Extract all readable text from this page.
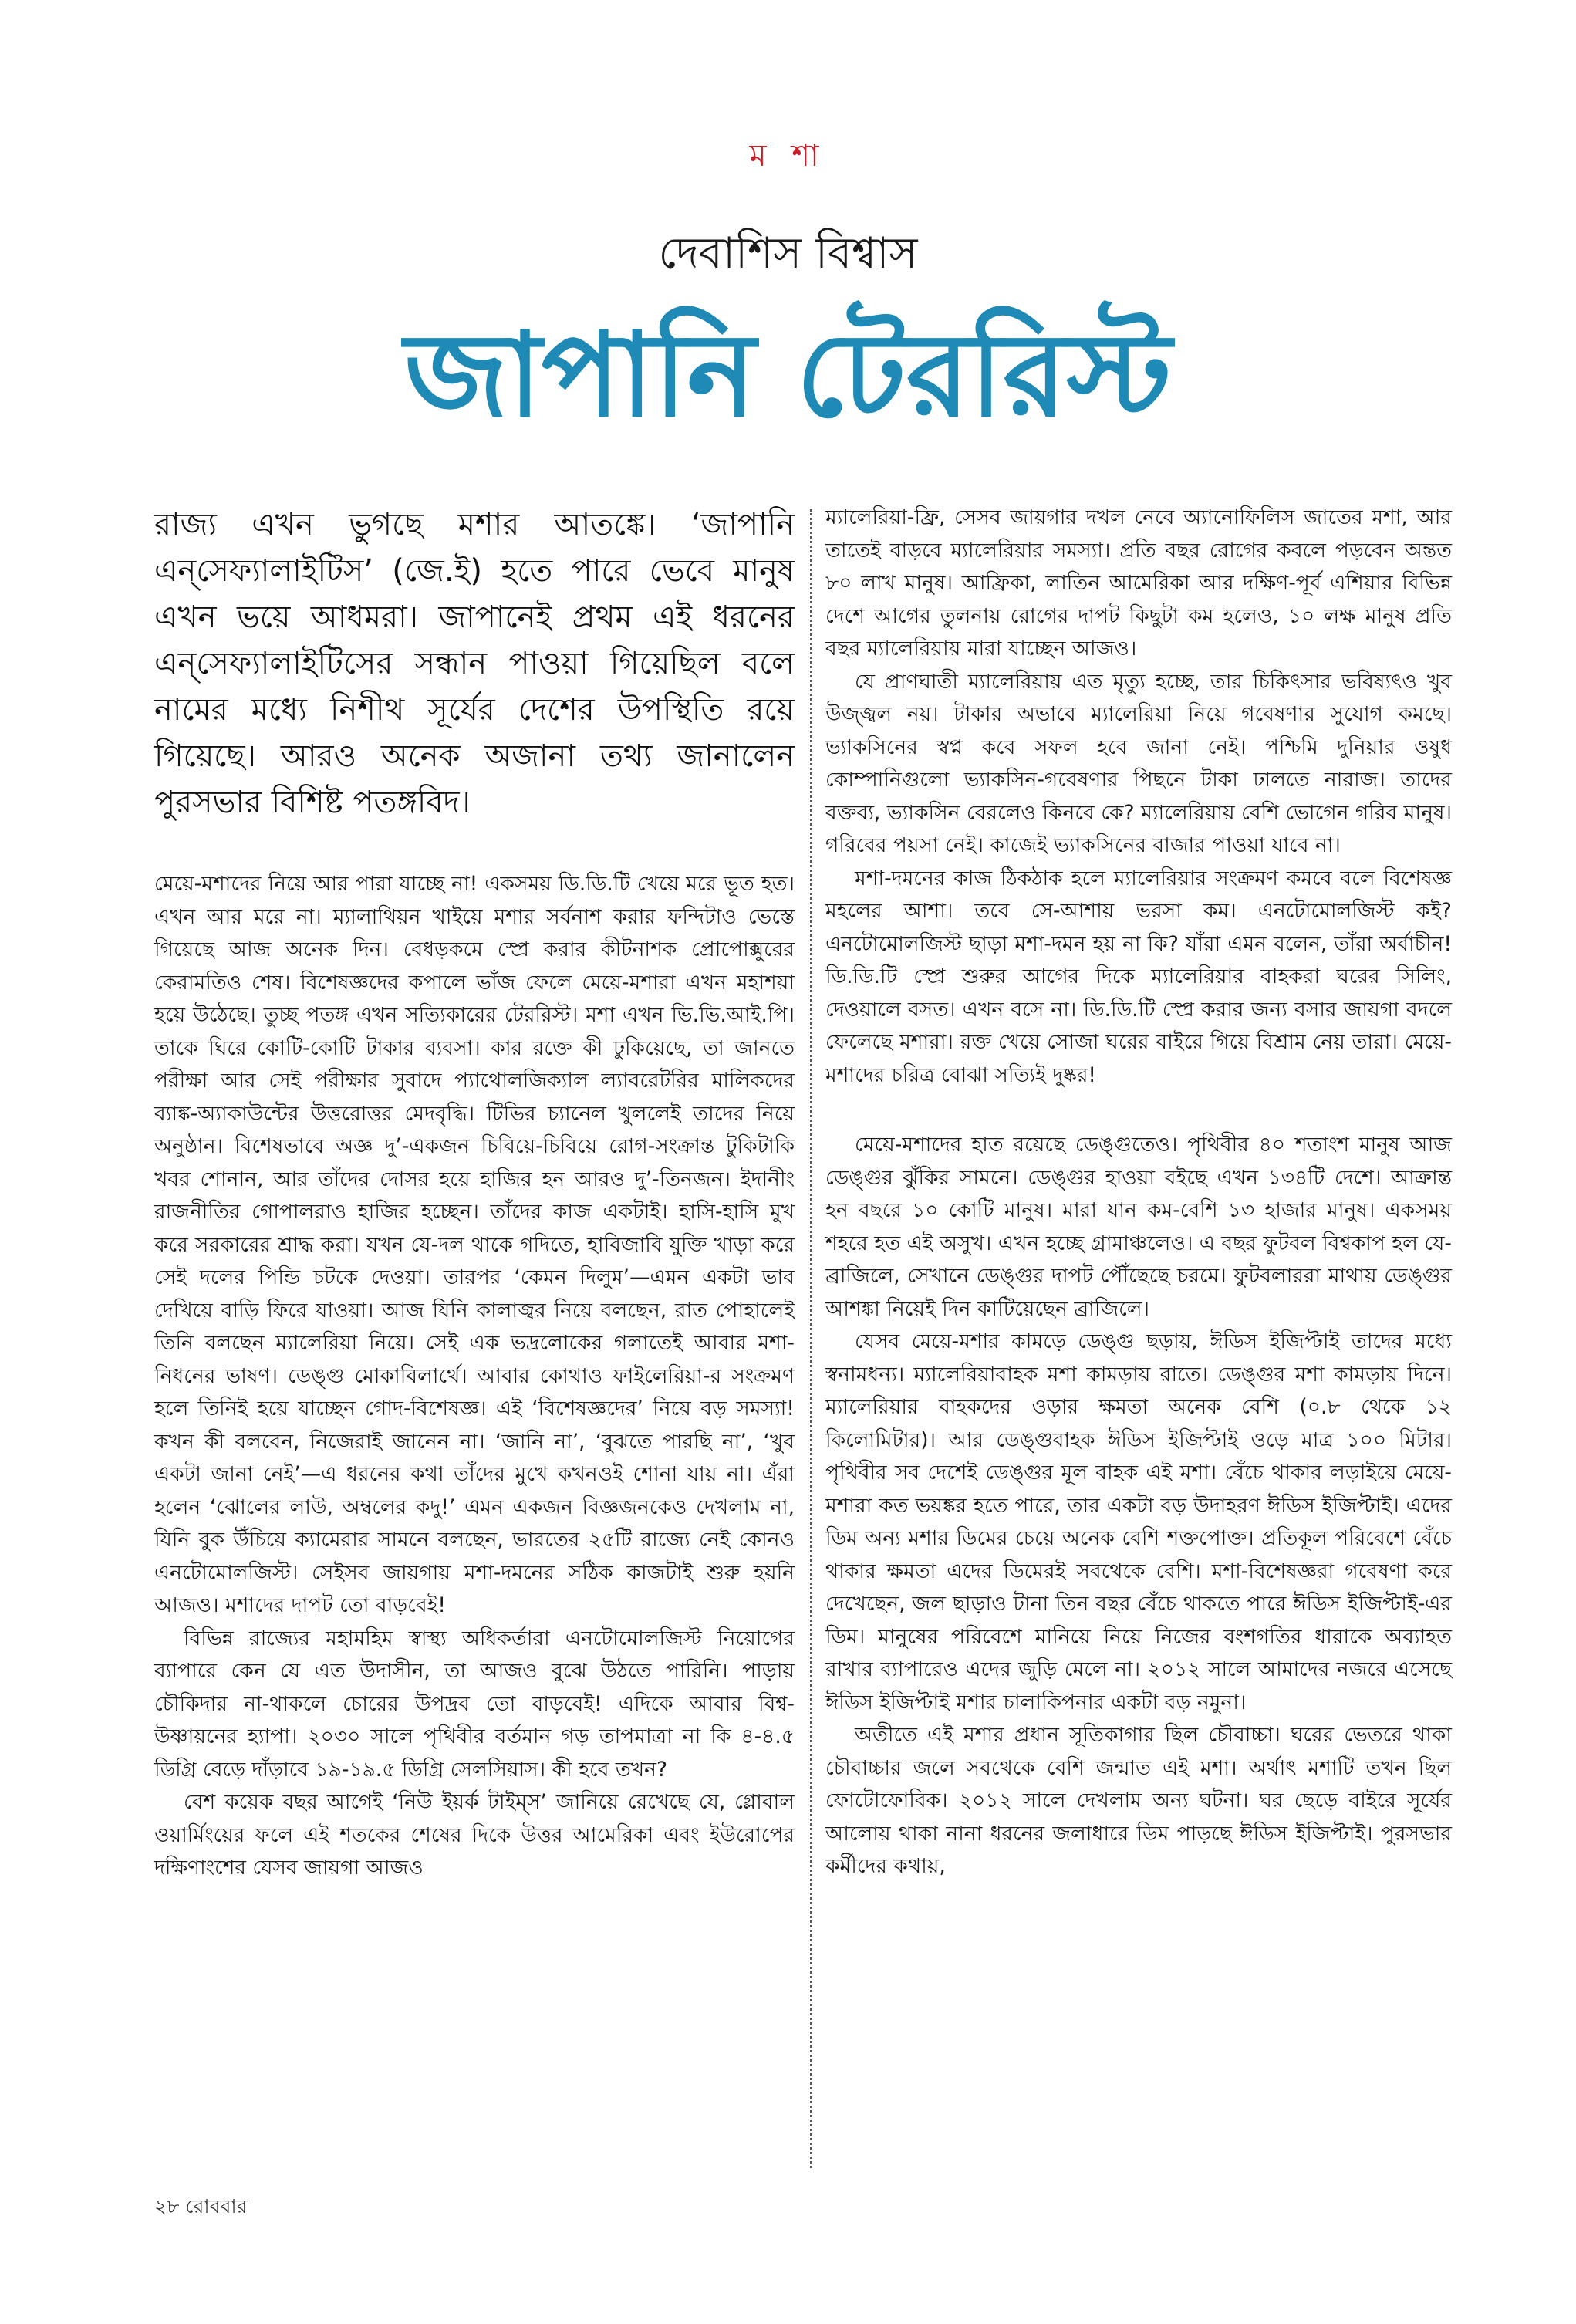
ম শা
দেবাশিস বিশ্বাস
জাপানি টেররিস্ট

রাজ্য এখন ভুগছে মশার আতঙ্কে। ‘জাপানি এন্‌সেফ্যালাইটিস’ (জে.ই) হতে পারে ভেবে মানুষ এখন ভয়ে আধমরা। জাপানেই প্রথম এই ধরনের এন্‌সেফ্যালাইটিসের সন্ধান পাওয়া গিয়েছিল বলে নামের মধ্যে নিশীথ সূর্যের দেশের উপস্থিতি রয়ে গিয়েছে। আরও অনেক অজানা তথ্য জানালেন পুরসভার বিশিষ্ট পতঙ্গবিদ।

মেয়ে-মশাদের নিয়ে আর পারা যাচ্ছে না! একসময় ডি.ডি.টি খেয়ে মরে ভূত হত। এখন আর মরে না। ম্যালাথিয়ন খাইয়ে মশার সর্বনাশ করার ফন্দিটাও ভেস্তে গিয়েছে আজ অনেক দিন। বেধড়কমে স্প্রে করার কীটনাশক প্রোপোক্সুরের কেরামতিও শেষ। বিশেষজ্ঞদের কপালে ভাঁজ ফেলে মেয়ে-মশারা এখন মহাশয়া হয়ে উঠেছে। তুচ্ছ পতঙ্গ এখন সত্যিকারের টেররিস্ট। মশা এখন ভি.ভি.আই.পি। তাকে ঘিরে কোটি-কোটি টাকার ব্যবসা। কার রক্তে কী ঢুকিয়েছে, তা জানতে পরীক্ষা আর সেই পরীক্ষার সুবাদে প্যাথোলজিক্যাল ল্যাবরেটরির মালিকদের ব্যাঙ্ক-অ্যাকাউন্টের উত্তরোত্তর মেদবৃদ্ধি। টিভির চ্যানেল খুললেই তাদের নিয়ে অনুষ্ঠান। বিশেষভাবে অজ্ঞ দু’-একজন চিবিয়ে-চিবিয়ে রোগ-সংক্রান্ত টুকিটাকি খবর শোনান, আর তাঁদের দোসর হয়ে হাজির হন আরও দু’-তিনজন। ইদানীং রাজনীতির গোপালরাও হাজির হচ্ছেন। তাঁদের কাজ একটাই। হাসি-হাসি মুখ করে সরকারের শ্রাদ্ধ করা। যখন যে-দল থাকে গদিতে, হাবিজাবি যুক্তি খাড়া করে সেই দলের পিন্ডি চটকে দেওয়া। তারপর ‘কেমন দিলুম’—এমন একটা ভাব দেখিয়ে বাড়ি ফিরে যাওয়া। আজ যিনি কালাজ্বর নিয়ে বলছেন, রাত পোহালেই তিনি বলছেন ম্যালেরিয়া নিয়ে। সেই এক ভদ্রলোকের গলাতেই আবার মশা-নিধনের ভাষণ। ডেঙ্গু মোকাবিলার্থে। আবার কোথাও ফাইলেরিয়া-র সংক্রমণ হলে তিনিই হয়ে যাচ্ছেন গোদ-বিশেষজ্ঞ। এই ‘বিশেষজ্ঞদের’ নিয়ে বড় সমস্যা! কখন কী বলবেন, নিজেরাই জানেন না। ‘জানি না’, ‘বুঝতে পারছি না’, ‘খুব একটা জানা নেই’—এ ধরনের কথা তাঁদের মুখে কখনওই শোনা যায় না। এঁরা হলেন ‘ঝোলের লাউ, অম্বলের কদু!’ এমন একজন বিজ্ঞজনকেও দেখলাম না, যিনি বুক উঁচিয়ে ক্যামেরার সামনে বলছেন, ভারতের ২৫টি রাজ্যে নেই কোনও এনটোমোলজিস্ট। সেইসব জায়গায় মশা-দমনের সঠিক কাজটাই শুরু হয়নি আজও। মশাদের দাপট তো বাড়বেই!

বিভিন্ন রাজ্যের মহামহিম স্বাস্থ্য অধিকর্তারা এনটোমোলজিস্ট নিয়োগের ব্যাপারে কেন যে এত উদাসীন, তা আজও বুঝে উঠতে পারিনি। পাড়ায় চৌকিদার না-থাকলে চোরের উপদ্রব তো বাড়বেই! এদিকে আবার বিশ্ব-উষ্ণায়নের হ্যাপা। ২০৩০ সালে পৃথিবীর বর্তমান গড় তাপমাত্রা না কি ৪-৪.৫ ডিগ্রি বেড়ে দাঁড়াবে ১৯-১৯.৫ ডিগ্রি সেলসিয়াস। কী হবে তখন?

বেশ কয়েক বছর আগেই ‘নিউ ইয়র্ক টাইম্‌স’ জানিয়ে রেখেছে যে, গ্লোবাল ওয়ার্মিংয়ের ফলে এই শতকের শেষের দিকে উত্তর আমেরিকা এবং ইউরোপের দক্ষিণাংশের যেসব জায়গা আজও

ম্যালেরিয়া-ফ্রি, সেসব জায়গার দখল নেবে অ্যানোফিলিস জাতের মশা, আর তাতেই বাড়বে ম্যালেরিয়ার সমস্যা। প্রতি বছর রোগের কবলে পড়বেন অন্তত ৮০ লাখ মানুষ। আফ্রিকা, লাতিন আমেরিকা আর দক্ষিণ-পূর্ব এশিয়ার বিভিন্ন দেশে আগের তুলনায় রোগের দাপট কিছুটা কম হলেও, ১০ লক্ষ মানুষ প্রতি বছর ম্যালেরিয়ায় মারা যাচ্ছেন আজও।

যে প্রাণঘাতী ম্যালেরিয়ায় এত মৃত্যু হচ্ছে, তার চিকিৎসার ভবিষ্যৎও খুব উজ্জ্বল নয়। টাকার অভাবে ম্যালেরিয়া নিয়ে গবেষণার সুযোগ কমছে। ভ্যাকসিনের স্বপ্ন কবে সফল হবে জানা নেই। পশ্চিমি দুনিয়ার ওষুধ কোম্পানিগুলো ভ্যাকসিন-গবেষণার পিছনে টাকা ঢালতে নারাজ। তাদের বক্তব্য, ভ্যাকসিন বেরলেও কিনবে কে? ম্যালেরিয়ায় বেশি ভোগেন গরিব মানুষ। গরিবের পয়সা নেই। কাজেই ভ্যাকসিনের বাজার পাওয়া যাবে না।

মশা-দমনের কাজ ঠিকঠাক হলে ম্যালেরিয়ার সংক্রমণ কমবে বলে বিশেষজ্ঞ মহলের আশা। তবে সে-আশায় ভরসা কম। এনটোমোলজিস্ট কই? এনটোমোলজিস্ট ছাড়া মশা-দমন হয় না কি? যাঁরা এমন বলেন, তাঁরা অর্বাচীন! ডি.ডি.টি স্প্রে শুরুর আগের দিকে ম্যালেরিয়ার বাহকরা ঘরের সিলিং, দেওয়ালে বসত। এখন বসে না। ডি.ডি.টি স্প্রে করার জন্য বসার জায়গা বদলে ফেলেছে মশারা। রক্ত খেয়ে সোজা ঘরের বাইরে গিয়ে বিশ্রাম নেয় তারা। মেয়ে-মশাদের চরিত্র বোঝা সত্যিই দুষ্কর!

মেয়ে-মশাদের হাত রয়েছে ডেঙ্গুতেও। পৃথিবীর ৪০ শতাংশ মানুষ আজ ডেঙ্গুর ঝুঁকির সামনে। ডেঙ্গুর হাওয়া বইছে এখন ১৩৪টি দেশে। আক্রান্ত হন বছরে ১০ কোটি মানুষ। মারা যান কম-বেশি ১৩ হাজার মানুষ। একসময় শহরে হত এই অসুখ। এখন হচ্ছে গ্রামাঞ্চলেও। এ বছর ফুটবল বিশ্বকাপ হল যে-ব্রাজিলে, সেখানে ডেঙ্গুর দাপট পৌঁছেছে চরমে। ফুটবলাররা মাথায় ডেঙ্গুর আশঙ্কা নিয়েই দিন কাটিয়েছেন ব্রাজিলে।

যেসব মেয়ে-মশার কামড়ে ডেঙ্গু ছড়ায়, ঈডিস ইজিপ্টাই তাদের মধ্যে স্বনামধন্য। ম্যালেরিয়াবাহক মশা কামড়ায় রাতে। ডেঙ্গুর মশা কামড়ায় দিনে। ম্যালেরিয়ার বাহকদের ওড়ার ক্ষমতা অনেক বেশি (০.৮ থেকে ১২ কিলোমিটার)। আর ডেঙ্গুবাহক ঈডিস ইজিপ্টাই ওড়ে মাত্র ১০০ মিটার। পৃথিবীর সব দেশেই ডেঙ্গুর মূল বাহক এই মশা। বেঁচে থাকার লড়াইয়ে মেয়ে-মশারা কত ভয়ঙ্কর হতে পারে, তার একটা বড় উদাহরণ ঈডিস ইজিপ্টাই। এদের ডিম অন্য মশার ডিমের চেয়ে অনেক বেশি শক্তপোক্ত। প্রতিকূল পরিবেশে বেঁচে থাকার ক্ষমতা এদের ডিমেরই সবথেকে বেশি। মশা-বিশেষজ্ঞরা গবেষণা করে দেখেছেন, জল ছাড়াও টানা তিন বছর বেঁচে থাকতে পারে ঈডিস ইজিপ্টাই-এর ডিম। মানুষের পরিবেশে মানিয়ে নিয়ে নিজের বংশগতির ধারাকে অব্যাহত রাখার ব্যাপারেও এদের জুড়ি মেলে না। ২০১২ সালে আমাদের নজরে এসেছে ঈডিস ইজিপ্টাই মশার চালাকিপনার একটা বড় নমুনা।

অতীতে এই মশার প্রধান সূতিকাগার ছিল চৌবাচ্চা। ঘরের ভেতরে থাকা চৌবাচ্চার জলে সবথেকে বেশি জন্মাত এই মশা। অর্থাৎ মশাটি তখন ছিল ফোটোফোবিক। ২০১২ সালে দেখলাম অন্য ঘটনা। ঘর ছেড়ে বাইরে সূর্যের আলোয় থাকা নানা ধরনের জলাধারে ডিম পাড়ছে ঈডিস ইজিপ্টাই। পুরসভার কর্মীদের কথায়,

২৮ রোববার
